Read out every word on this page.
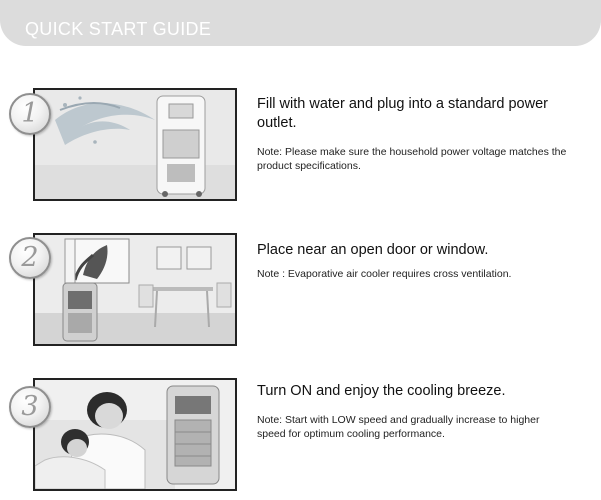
QUICK START GUIDE
1	Fill with water and plug into a standard power outlet.
Note: Please make sure the household power voltage matches the product specifications.
2	Place near an open door or window.
Note : Evaporative air cooler requires cross ventilation.
3	Turn ON and enjoy the cooling breeze.
Note: Start with LOW speed and gradually increase to higher speed for optimum cooling performance.
